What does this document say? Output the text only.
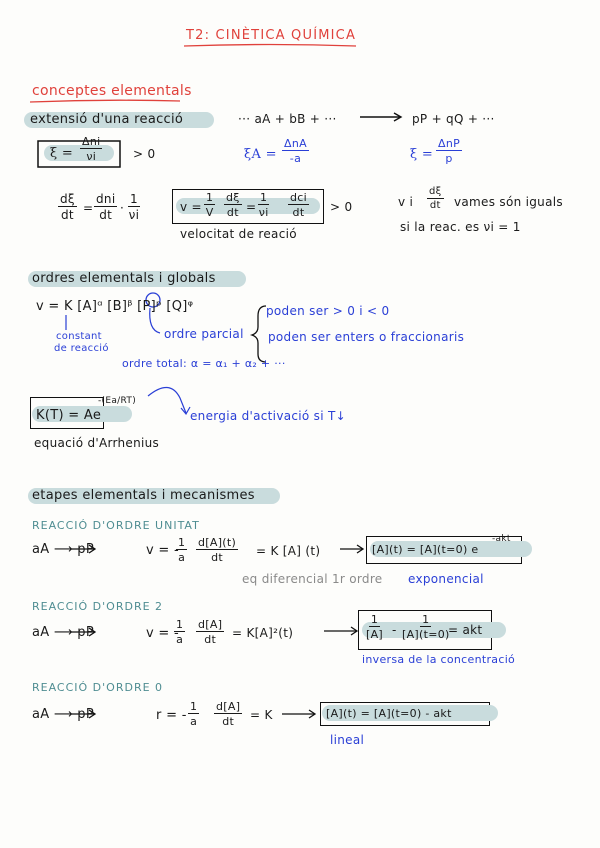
T2: CINÈTICA QUÍMICA
conceptes elementals
extensió d'una reacció	··· aA + bB + ···	pP + qQ + ···
ξ =
Δni
νi	> 0	ξA =
ΔnA
-a	ξ =
ΔnP
p
$\frac{d\xi}{dt}$ =
dni
dt · $\frac{1}{\nu i}$	$v = \frac{1}{V} \frac{d\xi}{dt} = \frac{1}{\nu i}$ dci
dt > 0
velocitat de reació
v i $\frac{d\xi}{dt}$ vames són iguals
si la reac. es νi = 1
ordres elementals i globals
v = K [A]ᵅ [B]ᵝ [P]ᵖ [Q]ᵠ
constant
de reacció
ordre parcial
poden ser > 0 i < 0
poden ser enters o fraccionaris
ordre total: α = α₁ + α₂ + ···
K(T) = Ae
-(Ea/RT)
energia d'activació si T↓
equació d'Arrhenius
etapes elementals i mecanismes
REACCIÓ D'ORDRE UNITAT
aA ⟶ pP	v = -
$\frac{1}{a} \frac{d[A](t)}{dt} = K$ [A] (t)	[A](t) = [A](t=0) e
-akt
eq diferencial 1r ordre exponencial
REACCIÓ D'ORDRE 2
aA ⟶ pP	v = -
$\frac{1}{a} \frac{d[A]}{dt} = K[A]^2(t)$	$\frac{1}{[A]} - \frac{1}{[A](t=0)}$
= akt
inversa de la concentració
REACCIÓ D'ORDRE 0
aA ⟶ pP	r = - $\frac{1}{a} \frac{d[A]}{dt} = K$	[A](t) = [A](t=0) - akt
lineal
